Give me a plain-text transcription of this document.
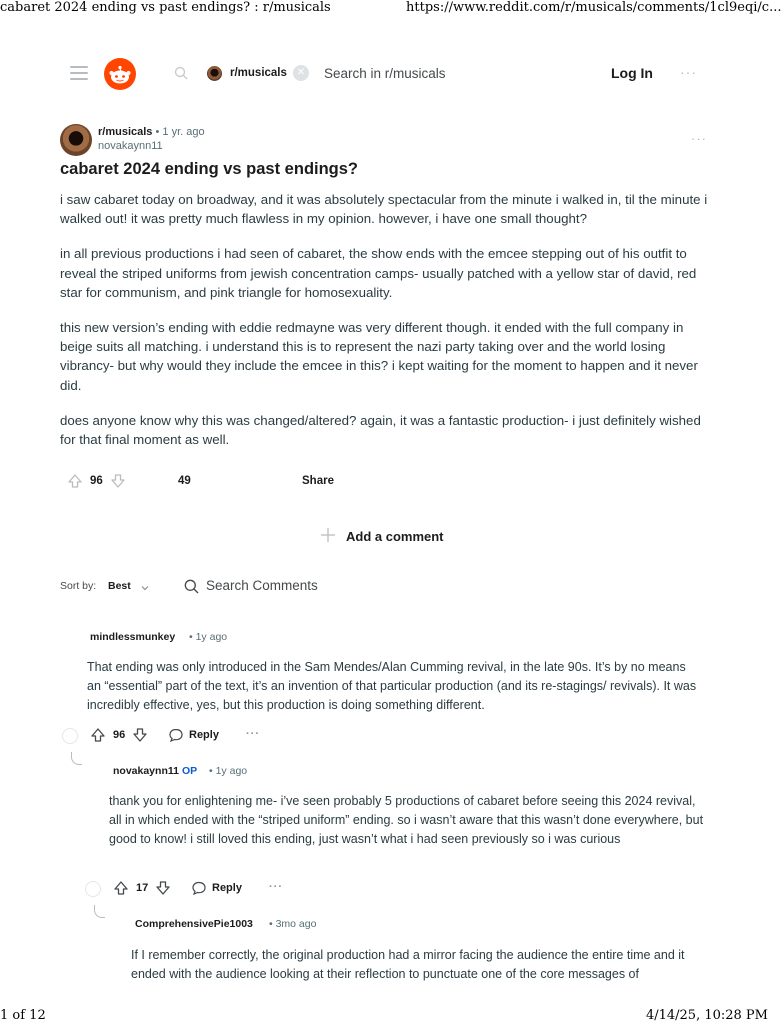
cabaret 2024 ending vs past endings? : r/musicals	https://www.reddit.com/r/musicals/comments/1cl9eqi/c...
r/musicals ✕ Search in r/musicals	Log In ···
r/musicals • 1 yr. ago
novakaynn11	···
cabaret 2024 ending vs past endings?

i saw cabaret today on broadway, and it was absolutely spectacular from the minute i walked in, til the minute i walked out! it was pretty much flawless in my opinion. however, i have one small thought?

in all previous productions i had seen of cabaret, the show ends with the emcee stepping out of his outfit to reveal the striped uniforms from jewish concentration camps- usually patched with a yellow star of david, red star for communism, and pink triangle for homosexuality.

this new version’s ending with eddie redmayne was very different though. it ended with the full company in beige suits all matching. i understand this is to represent the nazi party taking over and the world losing vibrancy- but why would they include the emcee in this? i kept waiting for the moment to happen and it never did.

does anyone know why this was changed/altered? again, it was a fantastic production- i just definitely wished for that final moment as well.

96	49	Share
Add a comment
Sort by: Best	Search Comments
mindlessmunkey • 1y ago
That ending was only introduced in the Sam Mendes/Alan Cumming revival, in the late 90s. It’s by no means an “essential” part of the text, it’s an invention of that particular production (and its re-stagings/ revivals). It was incredibly effective, yes, but this production is doing something different.
96	Reply ···
novakaynn11 OP • 1y ago
thank you for enlightening me- i’ve seen probably 5 productions of cabaret before seeing this 2024 revival, all in which ended with the “striped uniform” ending. so i wasn’t aware that this wasn’t done everywhere, but good to know! i still loved this ending, just wasn’t what i had seen previously so i was curious
17	Reply ···
ComprehensivePie1003 • 3mo ago
If I remember correctly, the original production had a mirror facing the audience the entire time and it ended with the audience looking at their reflection to punctuate one of the core messages of
1 of 12	4/14/25, 10:28 PM
